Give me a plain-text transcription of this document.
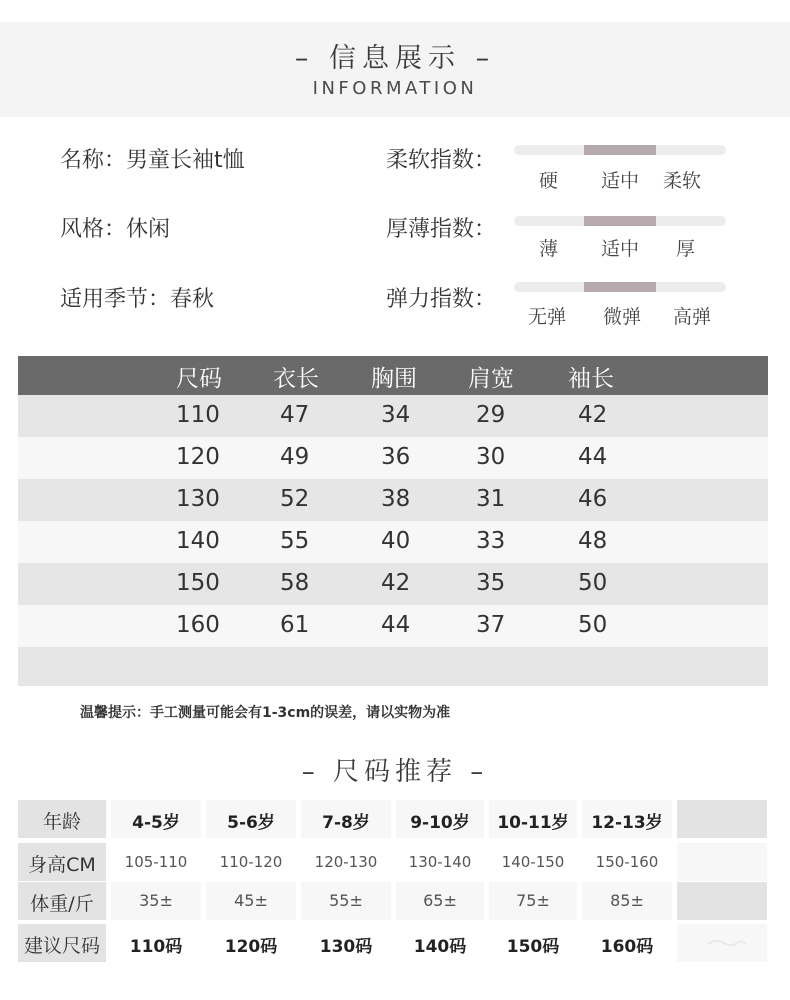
– 信息展示 –
INFORMATION
名称：男童长袖t恤
风格：休闲
适用季节：春秋
柔软指数：
硬 适中 柔软
厚薄指数：
薄 适中 厚
弹力指数：
无弹 微弹 高弹
尺码 衣长 胸围 肩宽 袖长
110	47	34	29	42
120	49	36	30	44
130	52	38	31	46
140	55	40	33	48
150	58	42	35	50
160	61	44	37	50
温馨提示：手工测量可能会有1-3cm的误差，请以实物为准
– 尺码推荐 –
年龄	4-5岁	5-6岁	7-8岁	9-10岁	10-11岁	12-13岁
身高CM	105-110	110-120	120-130	130-140	140-150	150-160
体重/斤	35±	45±	55±	65±	75±	85±
建议尺码	110码	120码	130码	140码	150码	160码
